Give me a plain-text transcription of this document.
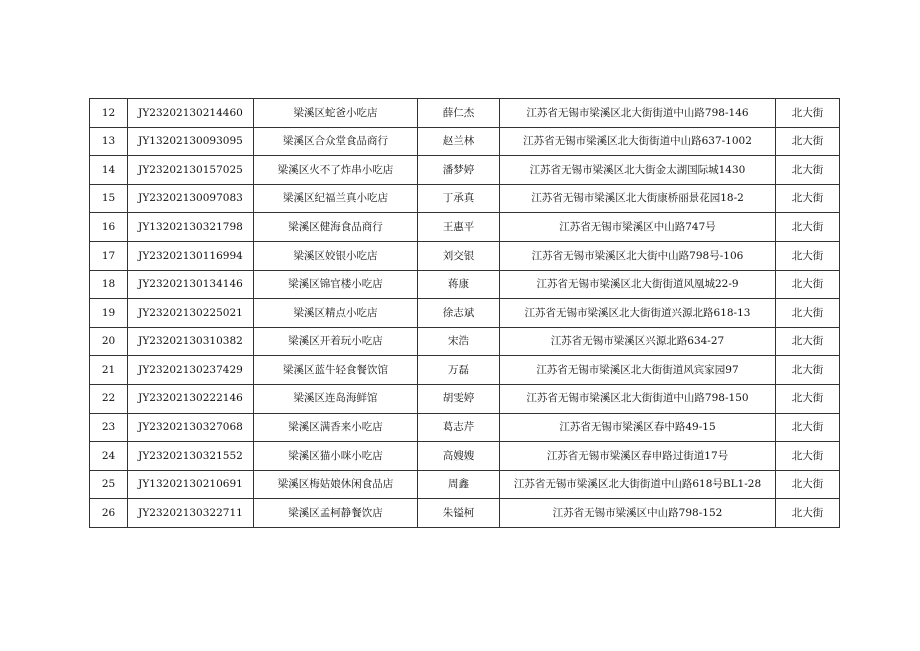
12	JY23202130214460	梁溪区蛇爸小吃店	薛仁杰	江苏省无锡市梁溪区北大街街道中山路798-146	北大街
13	JY13202130093095	梁溪区合众堂食品商行	赵兰林	江苏省无锡市梁溪区北大街街道中山路637-1002	北大街
14	JY23202130157025	梁溪区火不了炸串小吃店	潘梦婷	江苏省无锡市梁溪区北大街金太湖国际城1430	北大街
15	JY23202130097083	梁溪区纪福兰真小吃店	丁承真	江苏省无锡市梁溪区北大街康桥丽景花园18-2	北大街
16	JY13202130321798	梁溪区健海食品商行	王惠平	江苏省无锡市梁溪区中山路747号	北大街
17	JY23202130116994	梁溪区姣银小吃店	刘交银	江苏省无锡市梁溪区北大街中山路798号-106	北大街
18	JY23202130134146	梁溪区锦官楼小吃店	蒋康	江苏省无锡市梁溪区北大街街道风凰城22-9	北大街
19	JY23202130225021	梁溪区精点小吃店	徐志斌	江苏省无锡市梁溪区北大街街道兴源北路618-13	北大街
20	JY23202130310382	梁溪区开着玩小吃店	宋浩	江苏省无锡市梁溪区兴源北路634-27	北大街
21	JY23202130237429	梁溪区蓝牛轻食餐饮馆	万磊	江苏省无锡市梁溪区北大街街道风宾家园97	北大街
22	JY23202130222146	梁溪区连岛海鲜馆	胡雯婷	江苏省无锡市梁溪区北大街街道中山路798-150	北大街
23	JY23202130327068	梁溪区满香来小吃店	葛志芹	江苏省无锡市梁溪区春中路49-15	北大街
24	JY23202130321552	梁溪区猫小咪小吃店	高嫂嫂	江苏省无锡市梁溪区春申路过街道17号	北大街
25	JY13202130210691	梁溪区梅姑娘休闲食品店	周鑫	江苏省无锡市梁溪区北大街街道中山路618号BL1-28	北大街
26	JY23202130322711	梁溪区孟柯静餐饮店	朱镒柯	江苏省无锡市梁溪区中山路798-152	北大街
